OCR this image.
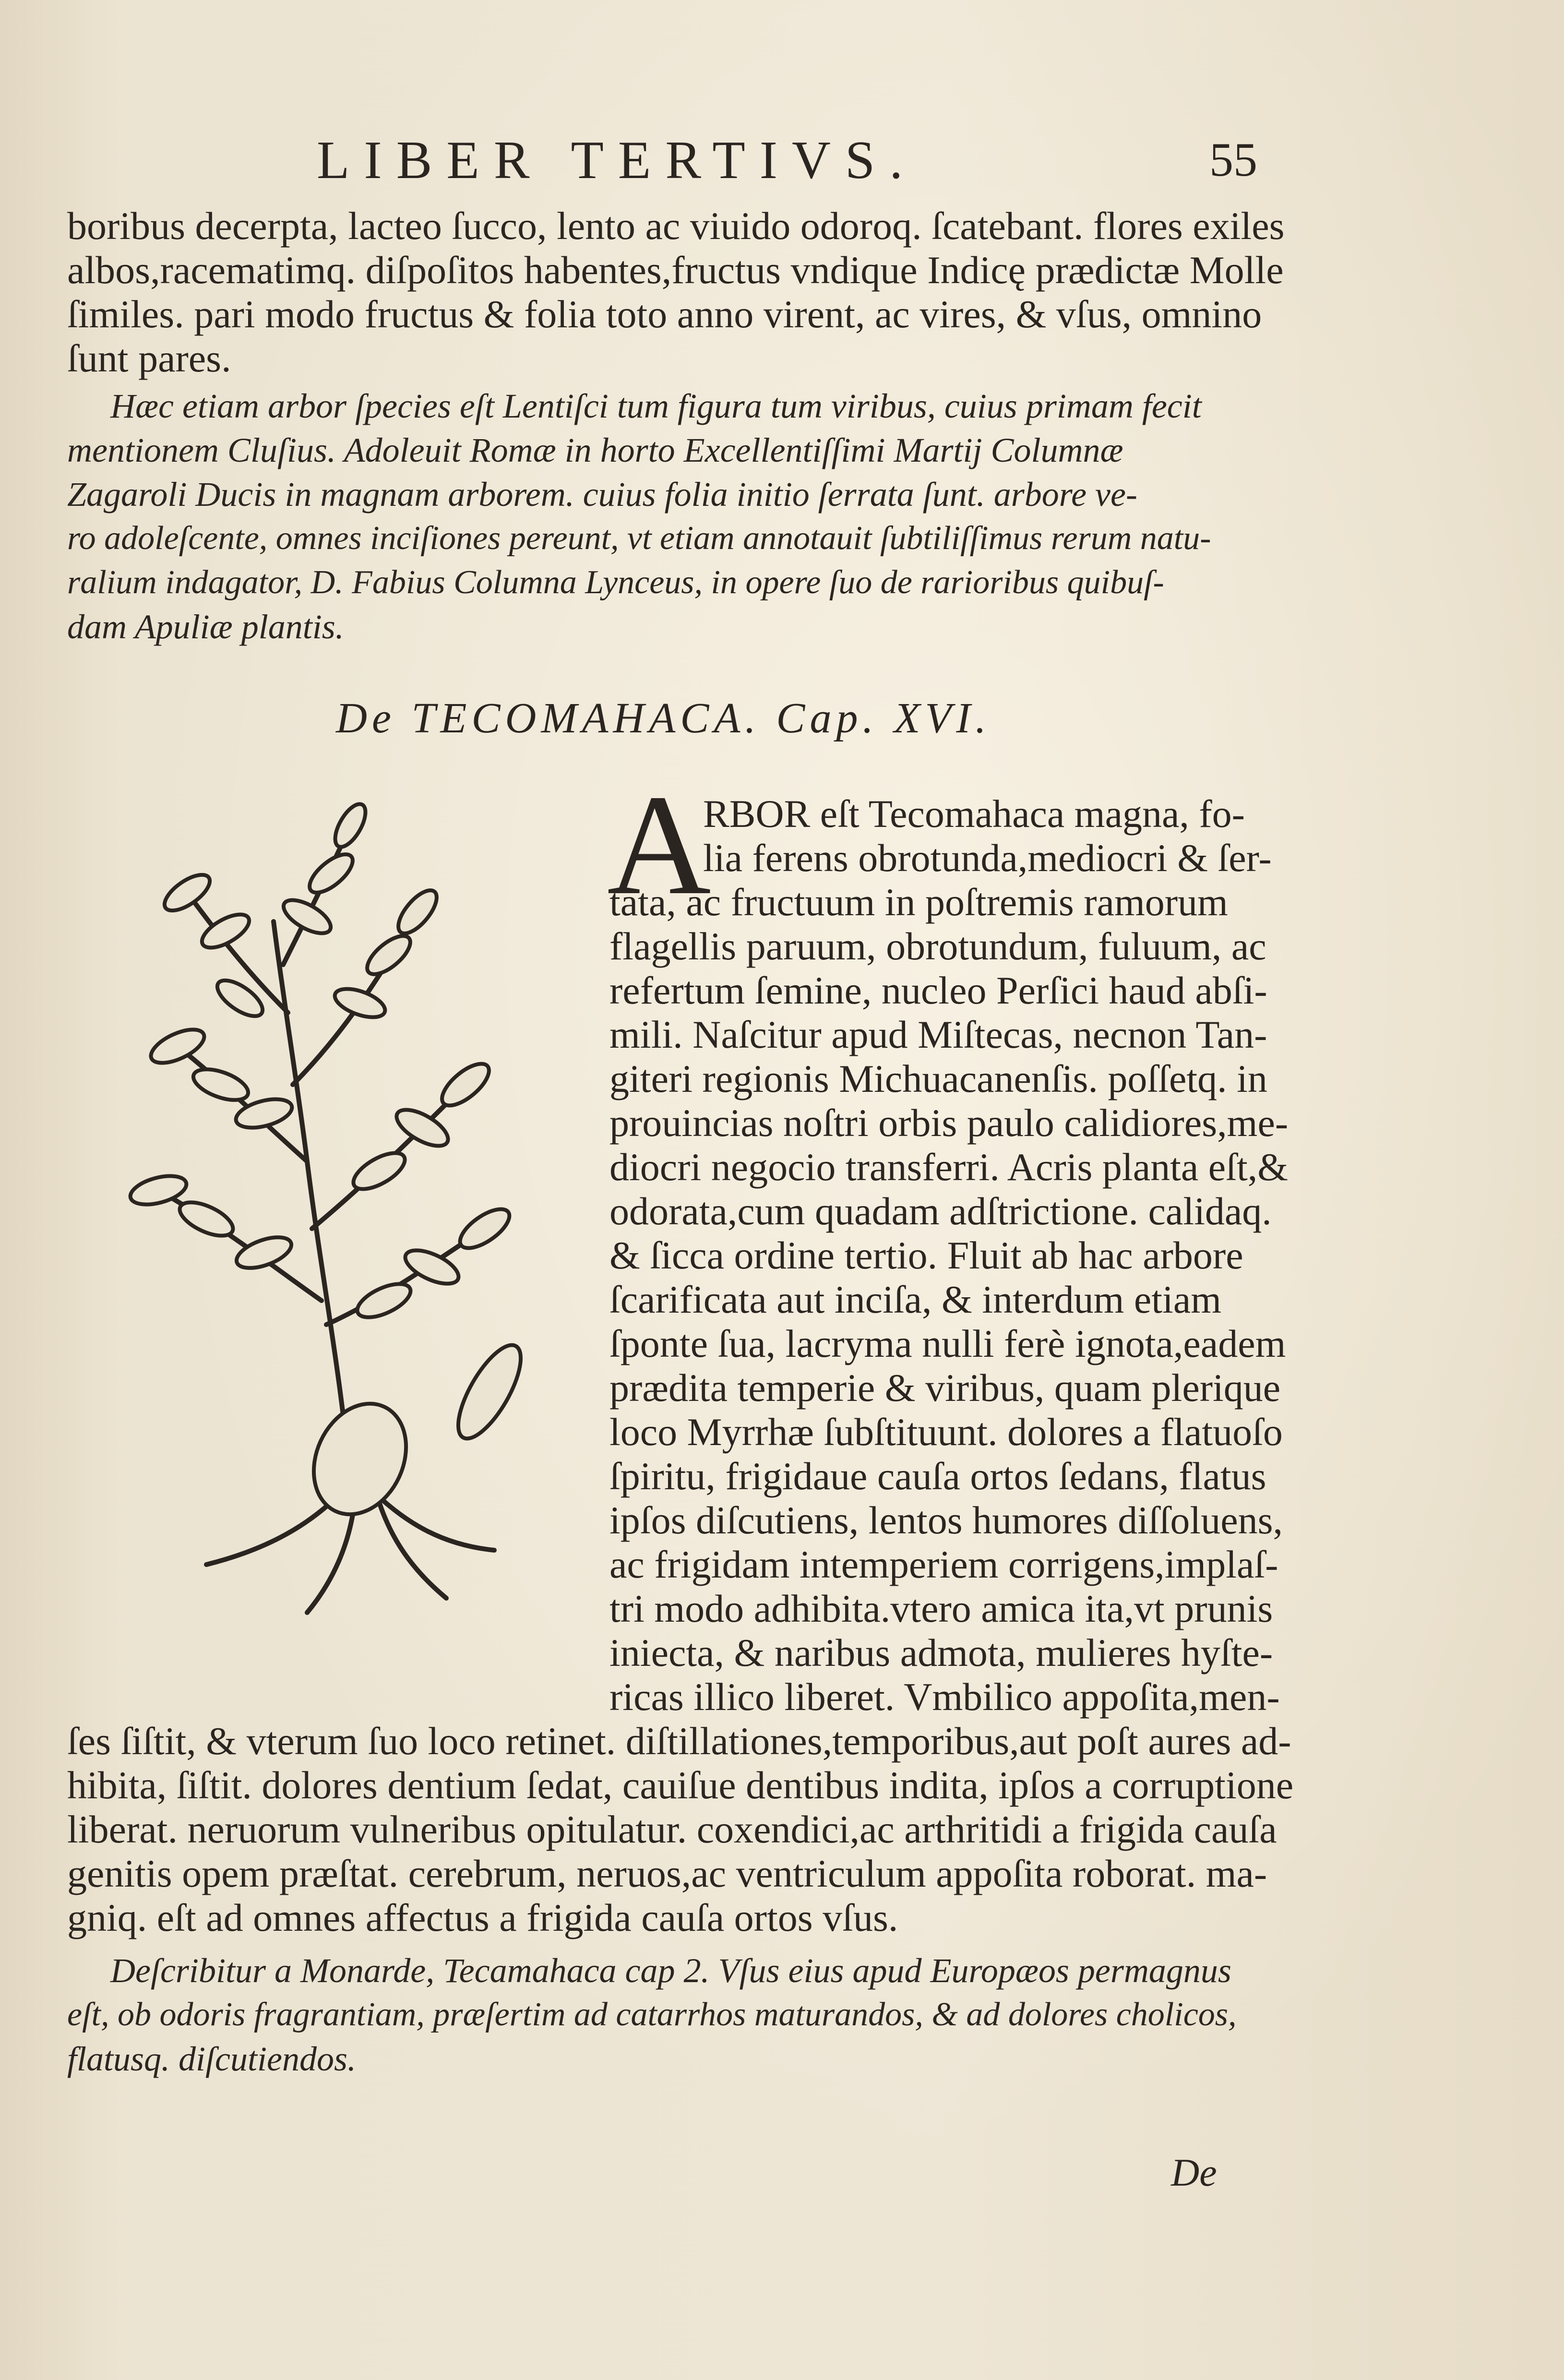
LIBER TERTIVS.	55
boribus decerpta, lacteo ſucco, lento ac viuido odoroq. ſcatebant. flores exiles
albos,racematimq. diſpoſitos habentes,fructus vndique Indicę prædictæ Molle
ſimiles. pari modo fructus & folia toto anno virent, ac vires, & vſus, omnino
ſunt pares.
Hæc etiam arbor ſpecies eſt Lentiſci tum figura tum viribus, cuius primam fecit
mentionem Cluſius. Adoleuit Romæ in horto Excellentiſſimi Martij Columnæ
Zagaroli Ducis in magnam arborem. cuius folia initio ſerrata ſunt. arbore ve-
ro adoleſcente, omnes inciſiones pereunt, vt etiam annotauit ſubtiliſſimus rerum natu-
ralium indagator, D. Fabius Columna Lynceus, in opere ſuo de rarioribus quibuſ-
dam Apuliæ plantis.
De TECOMAHACA. Cap. XVI.
A
RBOR eſt Tecomahaca magna, fo-
lia ferens obrotunda,mediocri & ſer-
tata, ac fructuum in poſtremis ramorum
flagellis paruum, obrotundum, fuluum, ac
refertum ſemine, nucleo Perſici haud abſi-
mili. Naſcitur apud Miſtecas, necnon Tan-
giteri regionis Michuacanenſis. poſſetq. in
prouincias noſtri orbis paulo calidiores,me-
diocri negocio transferri. Acris planta eſt,&
odorata,cum quadam adſtrictione. calidaq.
& ſicca ordine tertio. Fluit ab hac arbore
ſcarificata aut inciſa, & interdum etiam
ſponte ſua, lacryma nulli ferè ignota,eadem
prædita temperie & viribus, quam plerique
loco Myrrhæ ſubſtituunt. dolores a flatuoſo
ſpiritu, frigidaue cauſa ortos ſedans, flatus
ipſos diſcutiens, lentos humores diſſoluens,
ac frigidam intemperiem corrigens,implaſ-
tri modo adhibita.vtero amica ita,vt prunis
iniecta, & naribus admota, mulieres hyſte-
ricas illico liberet. Vmbilico appoſita,men-
ſes ſiſtit, & vterum ſuo loco retinet. diſtillationes,temporibus,aut poſt aures ad-
hibita, ſiſtit. dolores dentium ſedat, cauiſue dentibus indita, ipſos a corruptione
liberat. neruorum vulneribus opitulatur. coxendici,ac arthritidi a frigida cauſa
genitis opem præſtat. cerebrum, neruos,ac ventriculum appoſita roborat. ma-
gniq. eſt ad omnes affectus a frigida cauſa ortos vſus.
Deſcribitur a Monarde, Tecamahaca cap 2. Vſus eius apud Europæos permagnus
eſt, ob odoris fragrantiam, præſertim ad catarrhos maturandos, & ad dolores cholicos,
flatusq. diſcutiendos.
De
